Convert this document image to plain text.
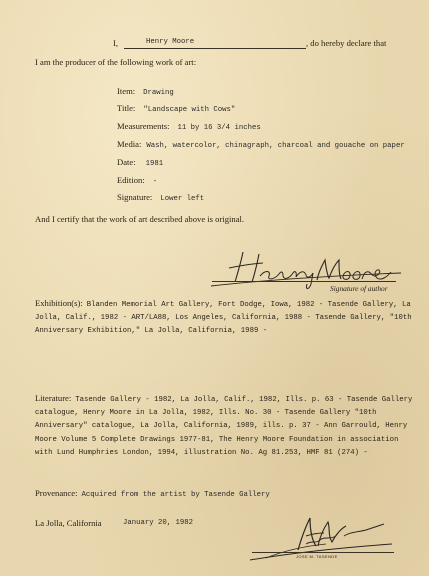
I,	Henry Moore	, do hereby declare that
I am the producer of the following work of art:
Item: Drawing
Title: "Landscape with Cows"
Measurements: 11 by 16 3/4 inches
Media: Wash, watercolor, chinagraph, charcoal and gouache on paper
Date: 1981
Edition: -
Signature: Lower left
And I certify that the work of art described above is original.
Signature of author
Exhibition(s): Blanden Memorial Art Gallery, Fort Dodge, Iowa, 1982 - Tasende Gallery, La Jolla, Calif., 1982 - ART/LA88, Los Angeles, California, 1988 - Tasende Gallery, "10th Anniversary Exhibition," La Jolla, California, 1989 -
Literature: Tasende Gallery - 1982, La Jolla, Calif., 1982, Ills. p. 63 - Tasende Gallery catalogue, Henry Moore in La Jolla, 1982, Ills. No. 30 - Tasende Gallery "10th Anniversary" catalogue, La Jolla, California, 1989, ills. p. 37 - Ann Garrould, Henry Moore Volume 5 Complete Drawings 1977-81, The Henry Moore Foundation in association with Lund Humphries London, 1994, illustration No. Ag 81.253, HMF 81 (274) -
Provenance: Acquired from the artist by Tasende Gallery
La Jolla, California	January 20, 1982
JOSE M. TASENDE
